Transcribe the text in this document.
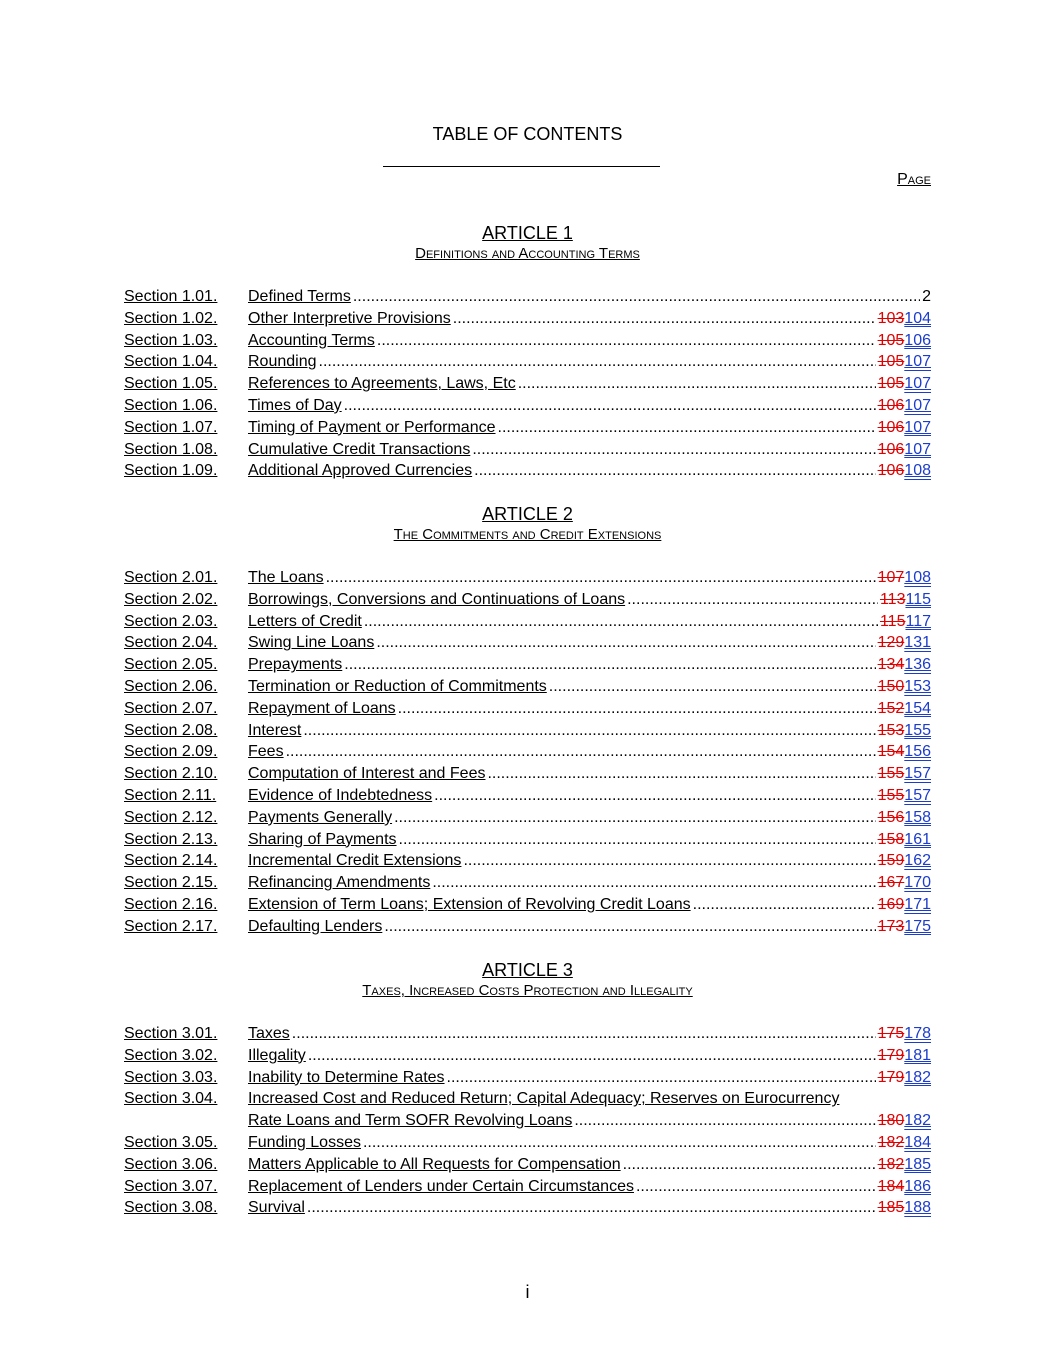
TABLE OF CONTENTS
Page
ARTICLE 1
Definitions and Accounting Terms
Section 1.01. Defined Terms .....	2
Section 1.02. Other Interpretive Provisions .....	103104
Section 1.03. Accounting Terms .....	105106
Section 1.04. Rounding .....	105107
Section 1.05. References to Agreements, Laws, Etc .....	105107
Section 1.06. Times of Day .....	106107
Section 1.07. Timing of Payment or Performance .....	106107
Section 1.08. Cumulative Credit Transactions .....	106107
Section 1.09. Additional Approved Currencies .....	106108
ARTICLE 2
The Commitments and Credit Extensions
Section 2.01. The Loans .....	107108
Section 2.02. Borrowings, Conversions and Continuations of Loans .....	113115
Section 2.03. Letters of Credit .....	115117
Section 2.04. Swing Line Loans .....	129131
Section 2.05. Prepayments .....	134136
Section 2.06. Termination or Reduction of Commitments .....	150153
Section 2.07. Repayment of Loans .....	152154
Section 2.08. Interest .....	153155
Section 2.09. Fees .....	154156
Section 2.10. Computation of Interest and Fees .....	155157
Section 2.11. Evidence of Indebtedness .....	155157
Section 2.12. Payments Generally .....	156158
Section 2.13. Sharing of Payments .....	158161
Section 2.14. Incremental Credit Extensions .....	159162
Section 2.15. Refinancing Amendments .....	167170
Section 2.16. Extension of Term Loans; Extension of Revolving Credit Loans .....	169171
Section 2.17. Defaulting Lenders .....	173175
ARTICLE 3
Taxes, Increased Costs Protection and Illegality
Section 3.01. Taxes .....	175178
Section 3.02. Illegality .....	179181
Section 3.03. Inability to Determine Rates .....	179182
Section 3.04. Increased Cost and Reduced Return; Capital Adequacy; Reserves on Eurocurrency
Rate Loans and Term SOFR Revolving Loans .....	180182
Section 3.05. Funding Losses .....	182184
Section 3.06. Matters Applicable to All Requests for Compensation .....	182185
Section 3.07. Replacement of Lenders under Certain Circumstances .....	184186
Section 3.08. Survival .....	185188
i
